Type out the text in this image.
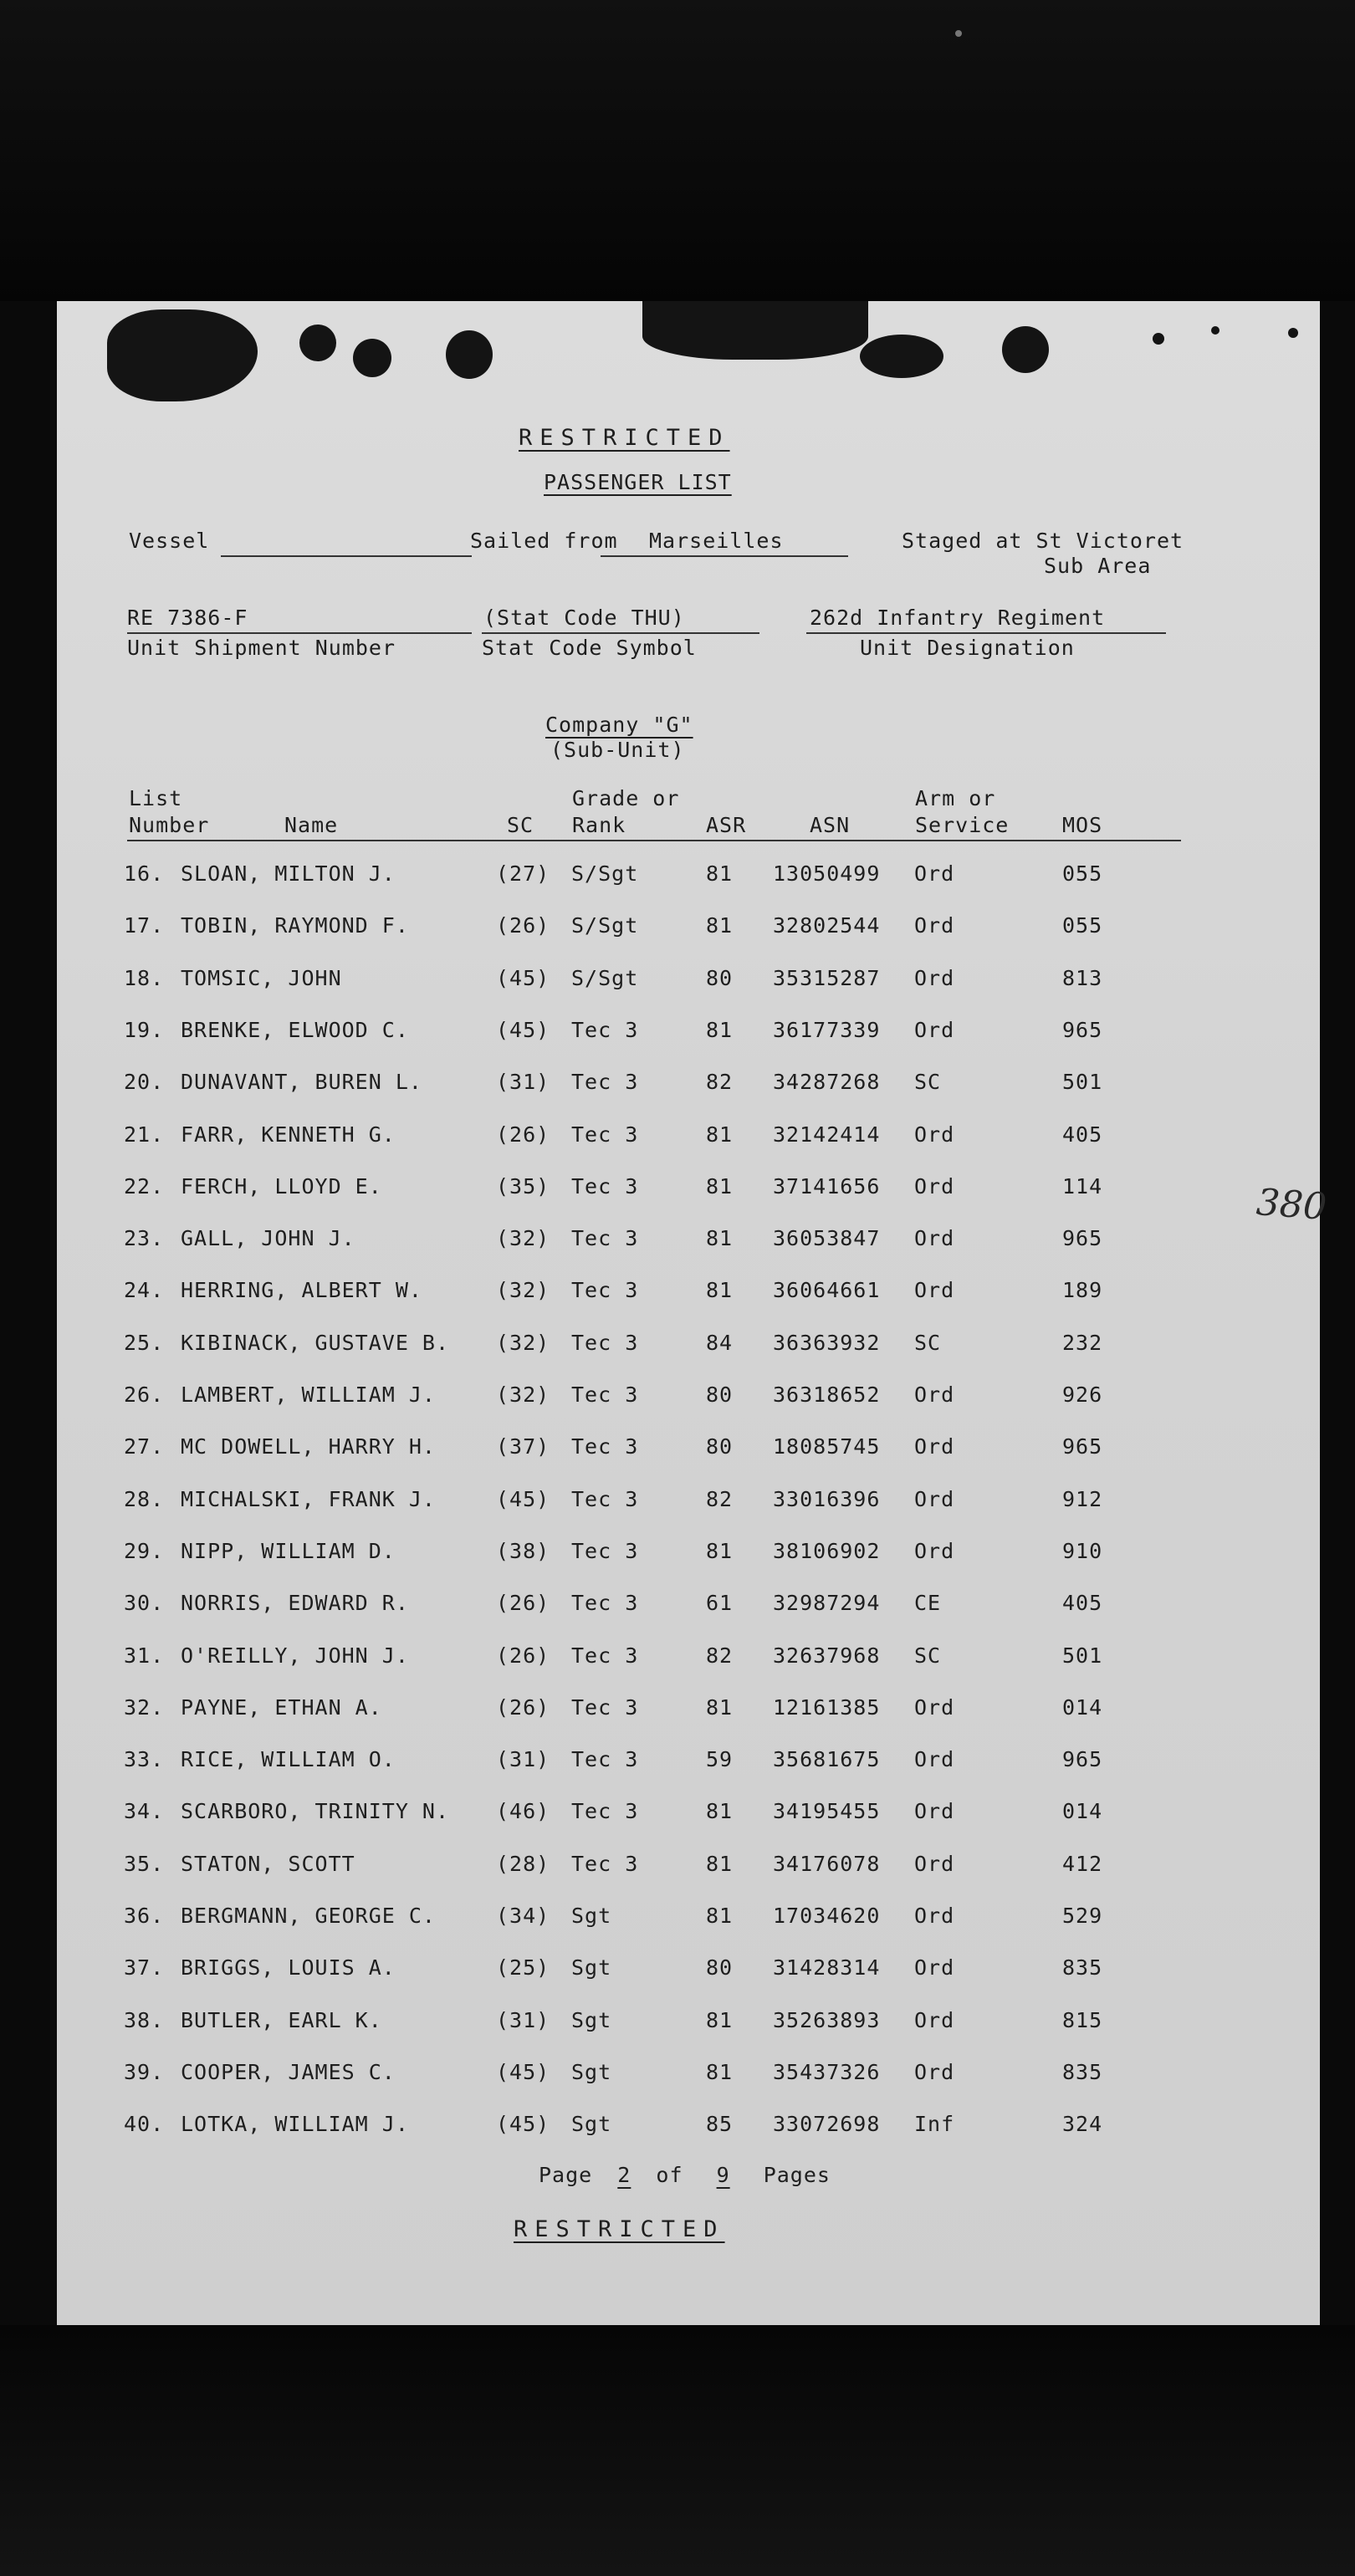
RESTRICTED
PASSENGER LIST
Vessel	Sailed from Marseilles	Staged at St Victoret
Sub Area
RE 7386-F
Unit Shipment Number
(Stat Code THU)
Stat Code Symbol
262d Infantry Regiment
Unit Designation
Company "G"
(Sub-Unit)
List
Number	Name	SC
Grade or
Rank	ASR	ASN
Arm or
Service	MOS
380
16. SLOAN, MILTON J.	(27) S/Sgt	81 13050499 Ord	055
17. TOBIN, RAYMOND F.	(26) S/Sgt	81 32802544 Ord	055
18. TOMSIC, JOHN	(45) S/Sgt	80 35315287 Ord	813
19. BRENKE, ELWOOD C.	(45) Tec 3	81 36177339 Ord	965
20. DUNAVANT, BUREN L.	(31) Tec 3	82 34287268 SC	501
21. FARR, KENNETH G.	(26) Tec 3	81 32142414 Ord	405
22. FERCH, LLOYD E.	(35) Tec 3	81 37141656 Ord	114
23. GALL, JOHN J.	(32) Tec 3	81 36053847 Ord	965
24. HERRING, ALBERT W.	(32) Tec 3	81 36064661 Ord	189
25. KIBINACK, GUSTAVE B. (32) Tec 3	84 36363932 SC	232
26. LAMBERT, WILLIAM J.	(32) Tec 3	80 36318652 Ord	926
27. MC DOWELL, HARRY H.	(37) Tec 3	80 18085745 Ord	965
28. MICHALSKI, FRANK J.	(45) Tec 3	82 33016396 Ord	912
29. NIPP, WILLIAM D.	(38) Tec 3	81 38106902 Ord	910
30. NORRIS, EDWARD R.	(26) Tec 3	61 32987294 CE	405
31. O'REILLY, JOHN J.	(26) Tec 3	82 32637968 SC	501
32. PAYNE, ETHAN A.	(26) Tec 3	81 12161385 Ord	014
33. RICE, WILLIAM O.	(31) Tec 3	59 35681675 Ord	965
34. SCARBORO, TRINITY N. (46) Tec 3	81 34195455 Ord	014
35. STATON, SCOTT	(28) Tec 3	81 34176078 Ord	412
36. BERGMANN, GEORGE C.	(34) Sgt	81 17034620 Ord	529
37. BRIGGS, LOUIS A.	(25) Sgt	80 31428314 Ord	835
38. BUTLER, EARL K.	(31) Sgt	81 35263893 Ord	815
39. COOPER, JAMES C.	(45) Sgt	81 35437326 Ord	835
40. LOTKA, WILLIAM J.	(45) Sgt	85 33072698 Inf	324
Page 2 of 9 Pages
RESTRICTED
